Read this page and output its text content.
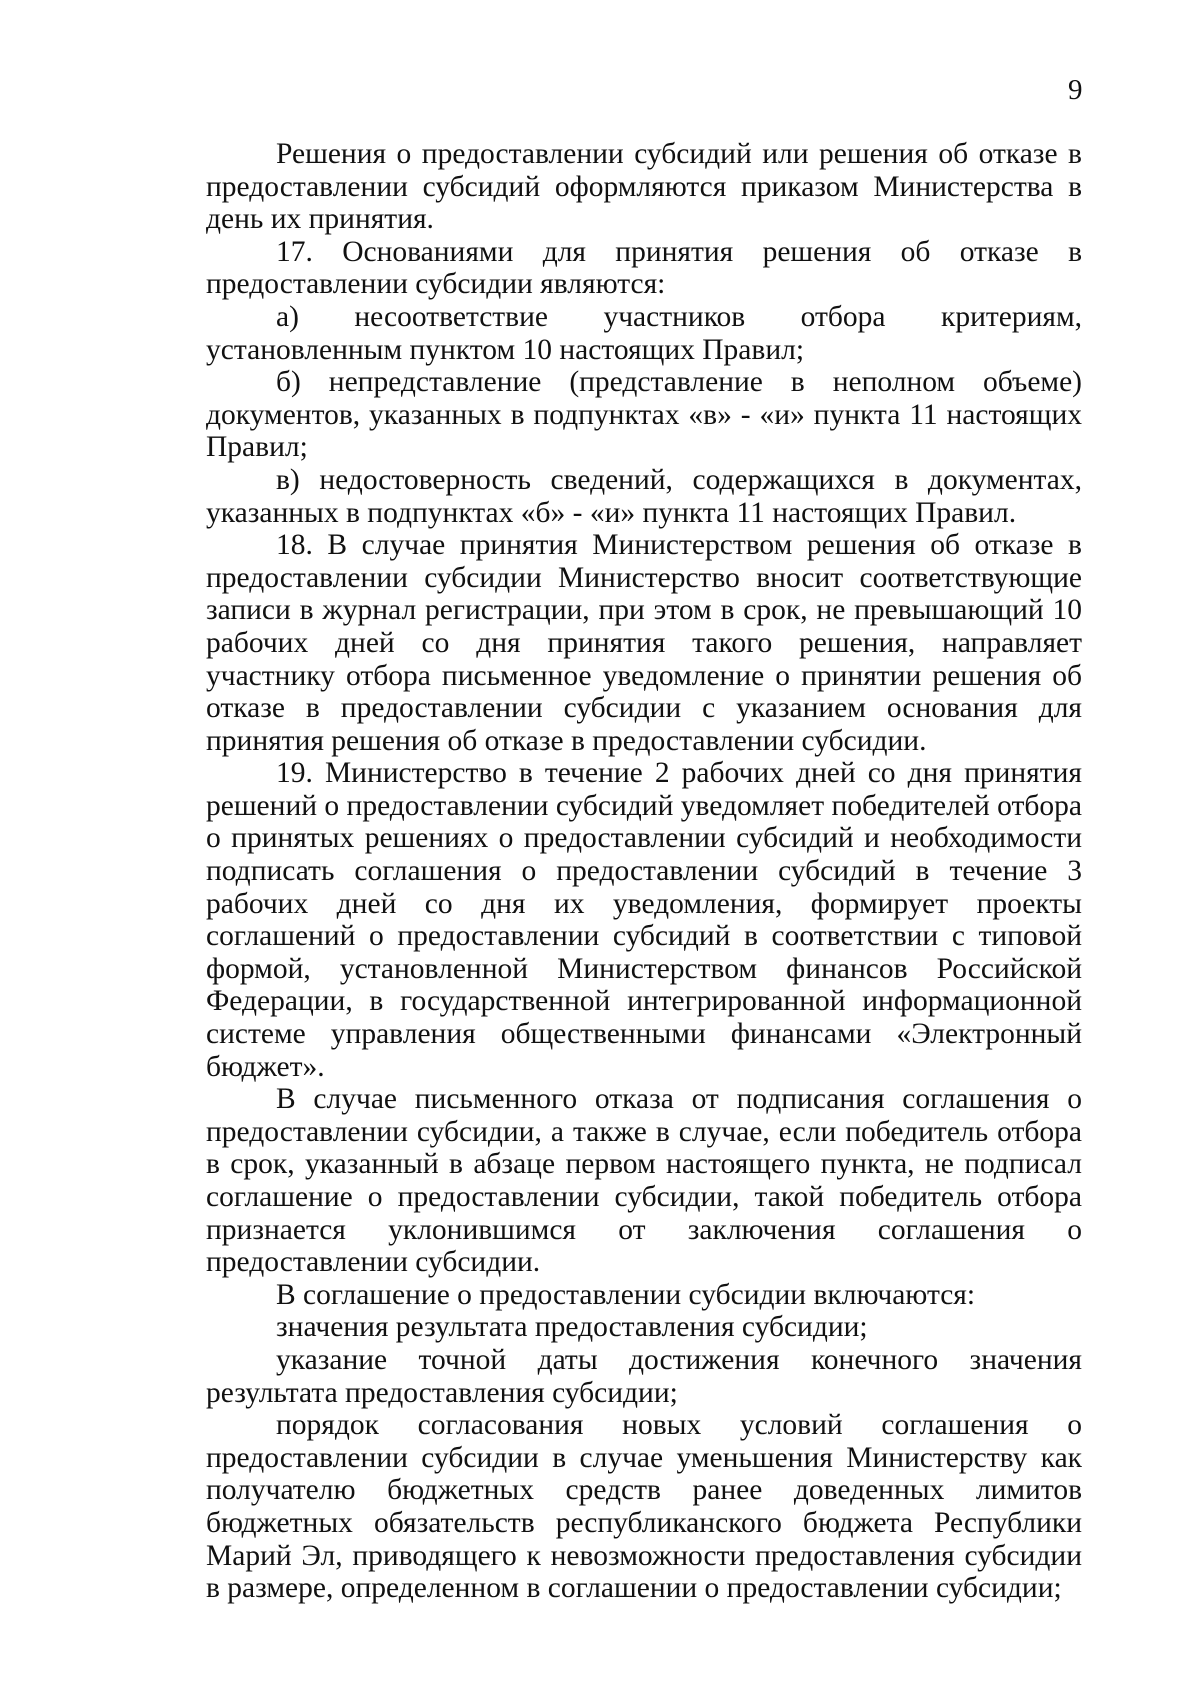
9

Решения о предоставлении субсидий или решения об отказе в предоставлении субсидий оформляются приказом Министерства в день их принятия.

17. Основаниями для принятия решения об отказе в предоставлении субсидии являются:

а) несоответствие участников отбора критериям, установленным пунктом 10 настоящих Правил;

б) непредставление (представление в неполном объеме) документов, указанных в подпунктах «в» - «и» пункта 11 настоящих Правил;

в) недостоверность сведений, содержащихся в документах, указанных в подпунктах «б» - «и» пункта 11 настоящих Правил.

18. В случае принятия Министерством решения об отказе в предоставлении субсидии Министерство вносит соответствующие записи в журнал регистрации, при этом в срок, не превышающий 10 рабочих дней со дня принятия такого решения, направляет участнику отбора письменное уведомление о принятии решения об отказе в предоставлении субсидии с указанием основания для принятия решения об отказе в предоставлении субсидии.

19. Министерство в течение 2 рабочих дней со дня принятия решений о предоставлении субсидий уведомляет победителей отбора о принятых решениях о предоставлении субсидий и необходимости подписать соглашения о предоставлении субсидий в течение 3 рабочих дней со дня их уведомления, формирует проекты соглашений о предоставлении субсидий в соответствии с типовой формой, установленной Министерством финансов Российской Федерации, в государственной интегрированной информационной системе управления общественными финансами «Электронный бюджет».

В случае письменного отказа от подписания соглашения о предоставлении субсидии, а также в случае, если победитель отбора в срок, указанный в абзаце первом настоящего пункта, не подписал соглашение о предоставлении субсидии, такой победитель отбора признается уклонившимся от заключения соглашения о предоставлении субсидии.

В соглашение о предоставлении субсидии включаются:

значения результата предоставления субсидии;

указание точной даты достижения конечного значения результата предоставления субсидии;

порядок согласования новых условий соглашения о предоставлении субсидии в случае уменьшения Министерству как получателю бюджетных средств ранее доведенных лимитов бюджетных обязательств республиканского бюджета Республики Марий Эл, приводящего к невозможности предоставления субсидии в размере, определенном в соглашении о предоставлении субсидии;
